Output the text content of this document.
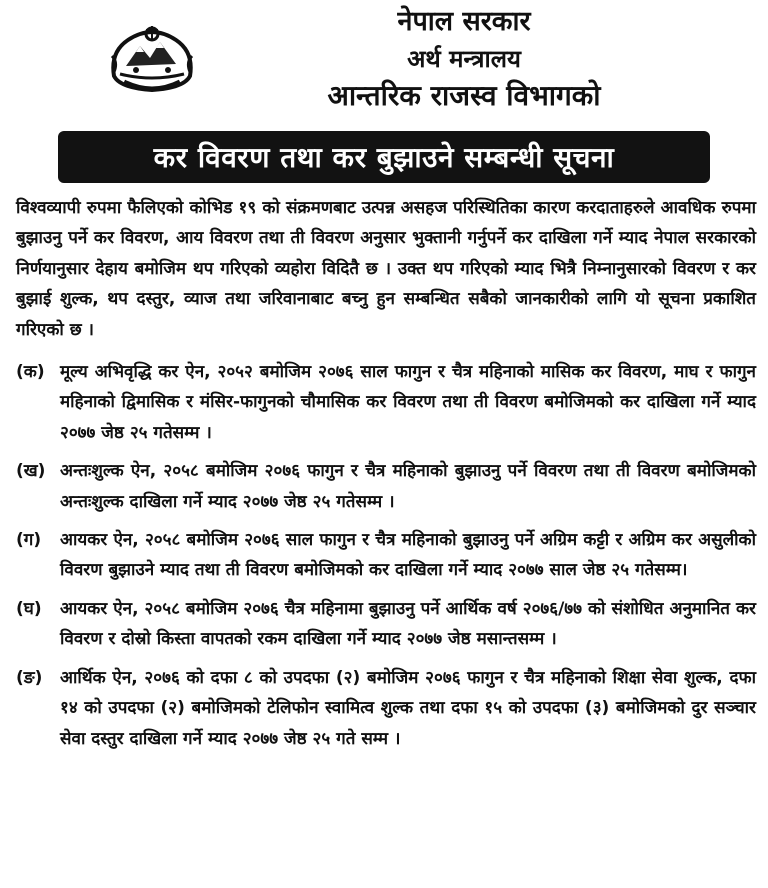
नेपाल सरकार
अर्थ मन्त्रालय
आन्तरिक राजस्व विभागको
कर विवरण तथा कर बुझाउने सम्बन्धी सूचना

विश्वव्यापी रुपमा फैलिएको कोभिड १९ को संक्रमणबाट उत्पन्न असहज परिस्थितिका कारण करदाताहरुले आवधिक रुपमा बुझाउनु पर्ने कर विवरण, आय विवरण तथा ती विवरण अनुसार भुक्तानी गर्नुपर्ने कर दाखिला गर्ने म्याद नेपाल सरकारको निर्णयानुसार देहाय बमोजिम थप गरिएको व्यहोरा विदितै छ । उक्त थप गरिएको म्याद भित्रै निम्नानुसारको विवरण र कर बुझाई शुल्क, थप दस्तुर, व्याज तथा जरिवानाबाट बच्नु हुन सम्बन्धित सबैको जानकारीको लागि यो सूचना प्रकाशित गरिएको छ ।

(क) मूल्य अभिवृद्धि कर ऐन, २०५२ बमोजिम २०७६ साल फागुन र चैत्र महिनाको मासिक कर विवरण, माघ र फागुन महिनाको द्विमासिक र मंसिर-फागुनको चौमासिक कर विवरण तथा ती विवरण बमोजिमको कर दाखिला गर्ने म्याद २०७७ जेष्ठ २५ गतेसम्म ।
(ख) अन्तःशुल्क ऐन, २०५८ बमोजिम २०७६ फागुन र चैत्र महिनाको बुझाउनु पर्ने विवरण तथा ती विवरण बमोजिमको अन्तःशुल्क दाखिला गर्ने म्याद २०७७ जेष्ठ २५ गतेसम्म ।
(ग)	आयकर ऐन, २०५८ बमोजिम २०७६ साल फागुन र चैत्र महिनाको बुझाउनु पर्ने अग्रिम कट्टी र अग्रिम कर असुलीको विवरण बुझाउने म्याद तथा ती विवरण बमोजिमको कर दाखिला गर्ने म्याद २०७७ साल जेष्ठ २५ गतेसम्म।
(घ)	आयकर ऐन, २०५८ बमोजिम २०७६ चैत्र महिनामा बुझाउनु पर्ने आर्थिक वर्ष २०७६/७७ को संशोधित अनुमानित कर विवरण र दोस्रो किस्ता वापतको रकम दाखिला गर्ने म्याद २०७७ जेष्ठ मसान्तसम्म ।
(ङ)	आर्थिक ऐन, २०७६ को दफा ८ को उपदफा (२) बमोजिम २०७६ फागुन र चैत्र महिनाको शिक्षा सेवा शुल्क, दफा १४ को उपदफा (२) बमोजिमको टेलिफोन स्वामित्व शुल्क तथा दफा १५ को उपदफा (३) बमोजिमको दुर सञ्चार सेवा दस्तुर दाखिला गर्ने म्याद २०७७ जेष्ठ २५ गते सम्म ।
